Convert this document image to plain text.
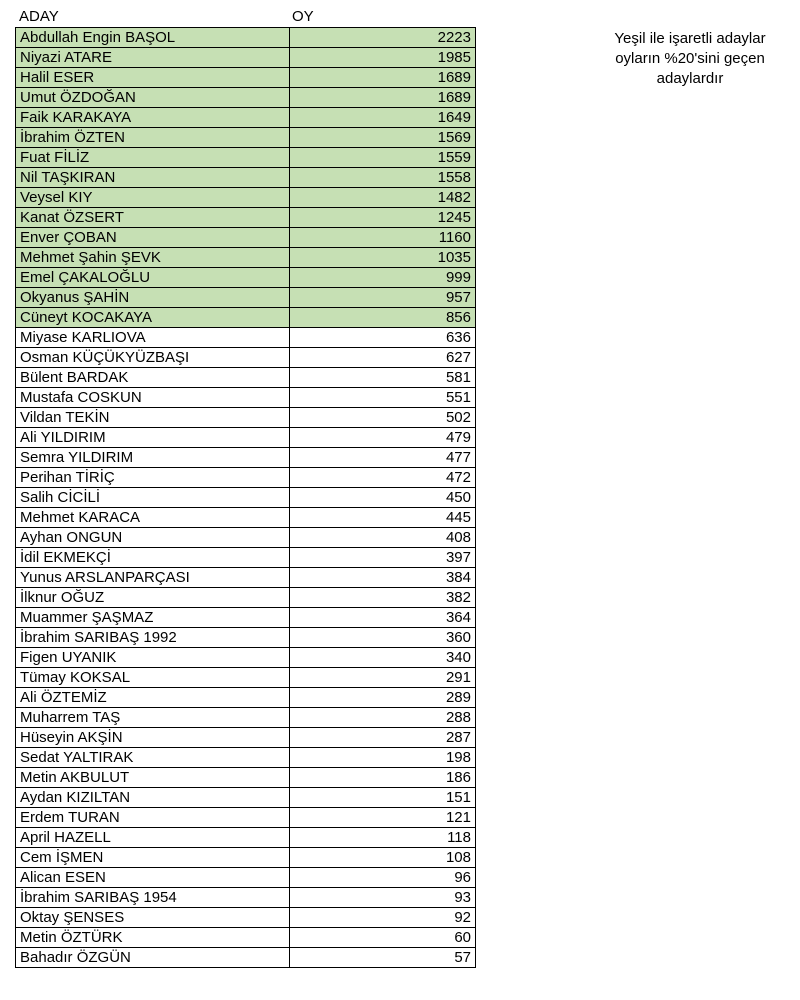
ADAY	OY
Abdullah Engin BAŞOL	2223
Niyazi ATARE	1985
Halil ESER	1689
Umut ÖZDOĞAN	1689
Faik KARAKAYA	1649
İbrahim ÖZTEN	1569
Fuat FİLİZ	1559
Nil TAŞKIRAN	1558
Veysel KIY	1482
Kanat ÖZSERT	1245
Enver ÇOBAN	1160
Mehmet Şahin ŞEVK	1035
Emel ÇAKALOĞLU	999
Okyanus ŞAHİN	957
Cüneyt KOCAKAYA	856
Miyase KARLIOVA	636
Osman KÜÇÜKYÜZBAŞI	627
Bülent BARDAK	581
Mustafa COSKUN	551
Vildan TEKİN	502
Ali YILDIRIM	479
Semra YILDIRIM	477
Perihan TİRİÇ	472
Salih CİCİLİ	450
Mehmet KARACA	445
Ayhan ONGUN	408
İdil EKMEKÇİ	397
Yunus ARSLANPARÇASI	384
İlknur OĞUZ	382
Muammer ŞAŞMAZ	364
İbrahim SARIBAŞ 1992	360
Figen UYANIK	340
Tümay KOKSAL	291
Ali ÖZTEMİZ	289
Muharrem TAŞ	288
Hüseyin AKŞİN	287
Sedat YALTIRAK	198
Metin AKBULUT	186
Aydan KIZILTAN	151
Erdem TURAN	121
April HAZELL	118
Cem İŞMEN	108
Alican ESEN	96
İbrahim SARIBAŞ 1954	93
Oktay ŞENSES	92
Metin ÖZTÜRK	60
Bahadır ÖZGÜN	57
Yeşil ile işaretli adaylar
oyların %20'sini geçen
adaylardır
